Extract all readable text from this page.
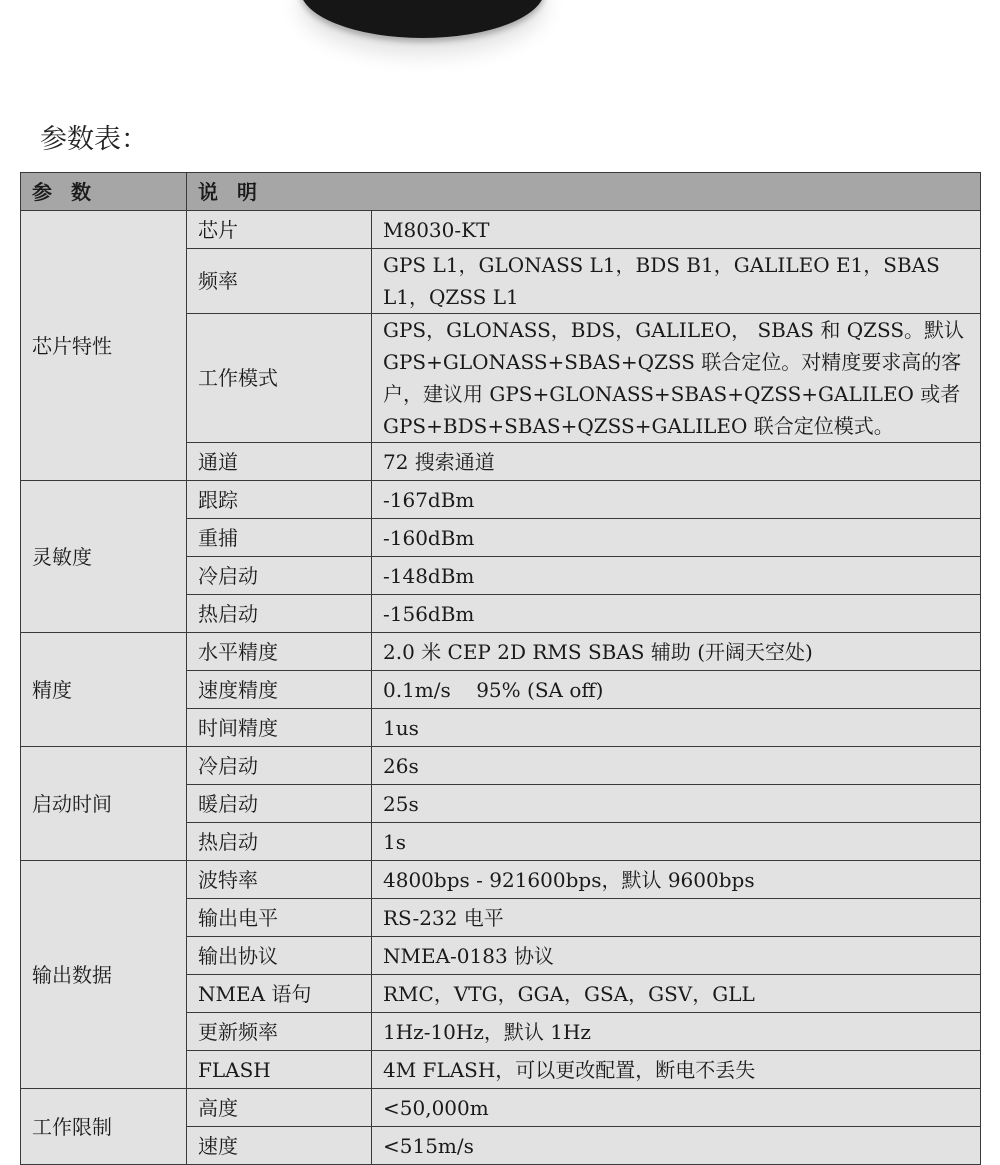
参数表：
参 数	说 明	
芯片特性	芯片	M8030-KT
	频率	GPS L1，GLONASS L1，BDS B1，GALILEO E1，SBAS L1，QZSS L1
	工作模式	GPS，GLONASS，BDS，GALILEO， SBAS 和 QZSS。默认 GPS+GLONASS+SBAS+QZSS 联合定位。对精度要求高的客户，建议用 GPS+GLONASS+SBAS+QZSS+GALILEO 或者 GPS+BDS+SBAS+QZSS+GALILEO 联合定位模式。
	通道	72 搜索通道
灵敏度	跟踪	-167dBm
	重捕	-160dBm
	冷启动	-148dBm
	热启动	-156dBm
精度	水平精度	2.0 米 CEP 2D RMS SBAS 辅助 (开阔天空处)
	速度精度	0.1m/s    95% (SA off)
	时间精度	1us
启动时间	冷启动	26s
	暖启动	25s
	热启动	1s
输出数据	波特率	4800bps - 921600bps，默认 9600bps
	输出电平	RS-232 电平
	输出协议	NMEA-0183 协议
	NMEA 语句	RMC，VTG，GGA，GSA，GSV，GLL
	更新频率	1Hz-10Hz，默认 1Hz
	FLASH	4M FLASH，可以更改配置，断电不丢失
工作限制	高度	<50,000m
	速度	<515m/s
